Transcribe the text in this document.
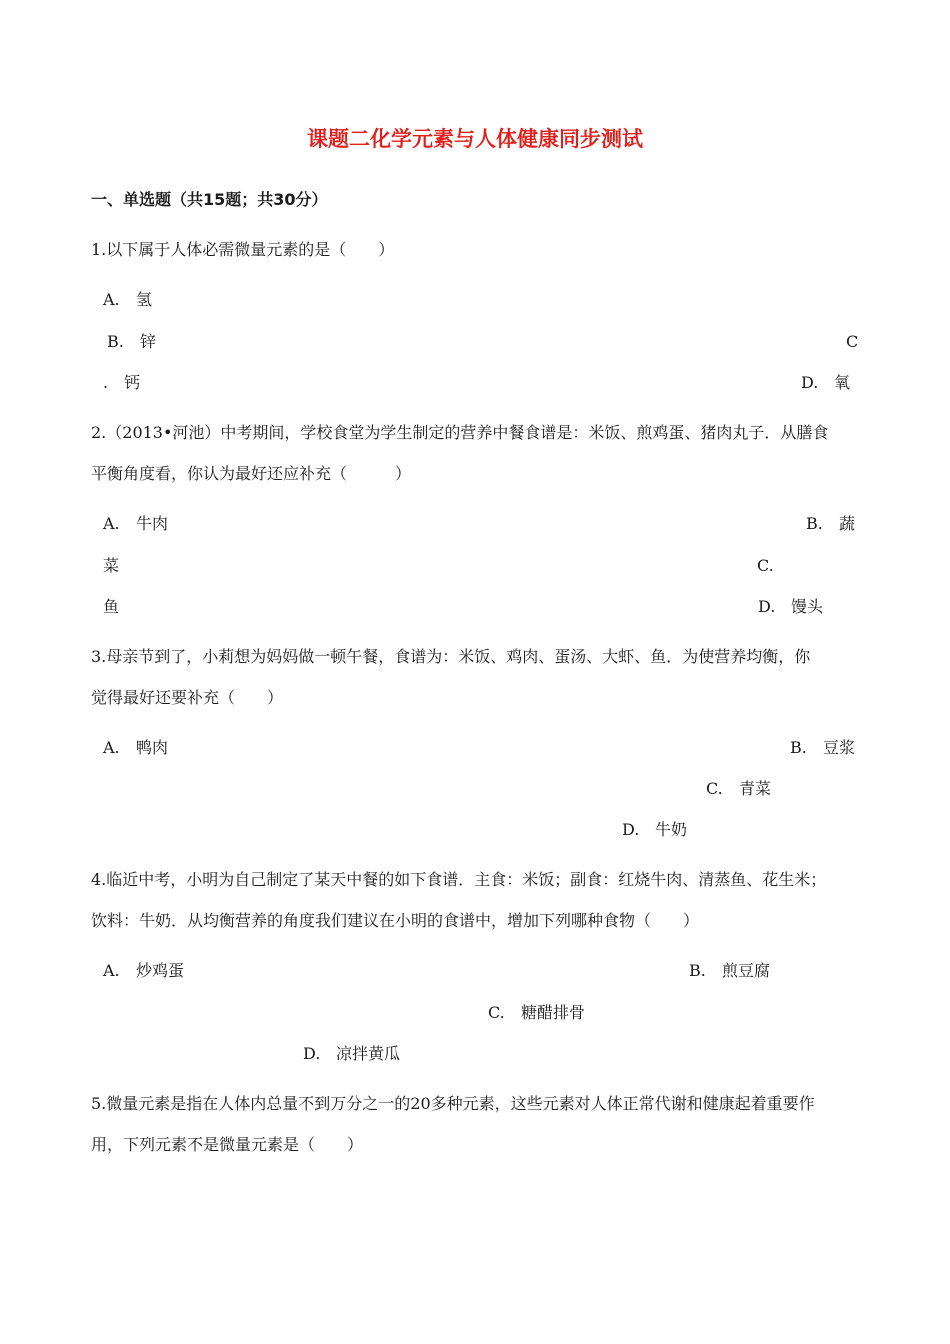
课题二化学元素与人体健康同步测试
一、单选题（共15题；共30分）
1.以下属于人体必需微量元素的是（　　）
A. 氢
B. 锌	C
.　钙	D. 氧
2.（2013•河池）中考期间，学校食堂为学生制定的营养中餐食谱是：米饭、煎鸡蛋、猪肉丸子．从膳食
平衡角度看，你认为最好还应补充（　　　）
A. 牛肉	B. 蔬
菜	C.
鱼	D. 馒头
3.母亲节到了，小莉想为妈妈做一顿午餐，食谱为：米饭、鸡肉、蛋汤、大虾、鱼．为使营养均衡，你
觉得最好还要补充（　　）
A. 鸭肉	B. 豆浆
C. 青菜
D. 牛奶
4.临近中考，小明为自己制定了某天中餐的如下食谱．主食：米饭；副食：红烧牛肉、清蒸鱼、花生米；
饮料：牛奶．从均衡营养的角度我们建议在小明的食谱中，增加下列哪种食物（　　）
A. 炒鸡蛋	B. 煎豆腐
C. 糖醋排骨
D. 凉拌黄瓜
5.微量元素是指在人体内总量不到万分之一的20多种元素，这些元素对人体正常代谢和健康起着重要作
用，下列元素不是微量元素是（　　）
